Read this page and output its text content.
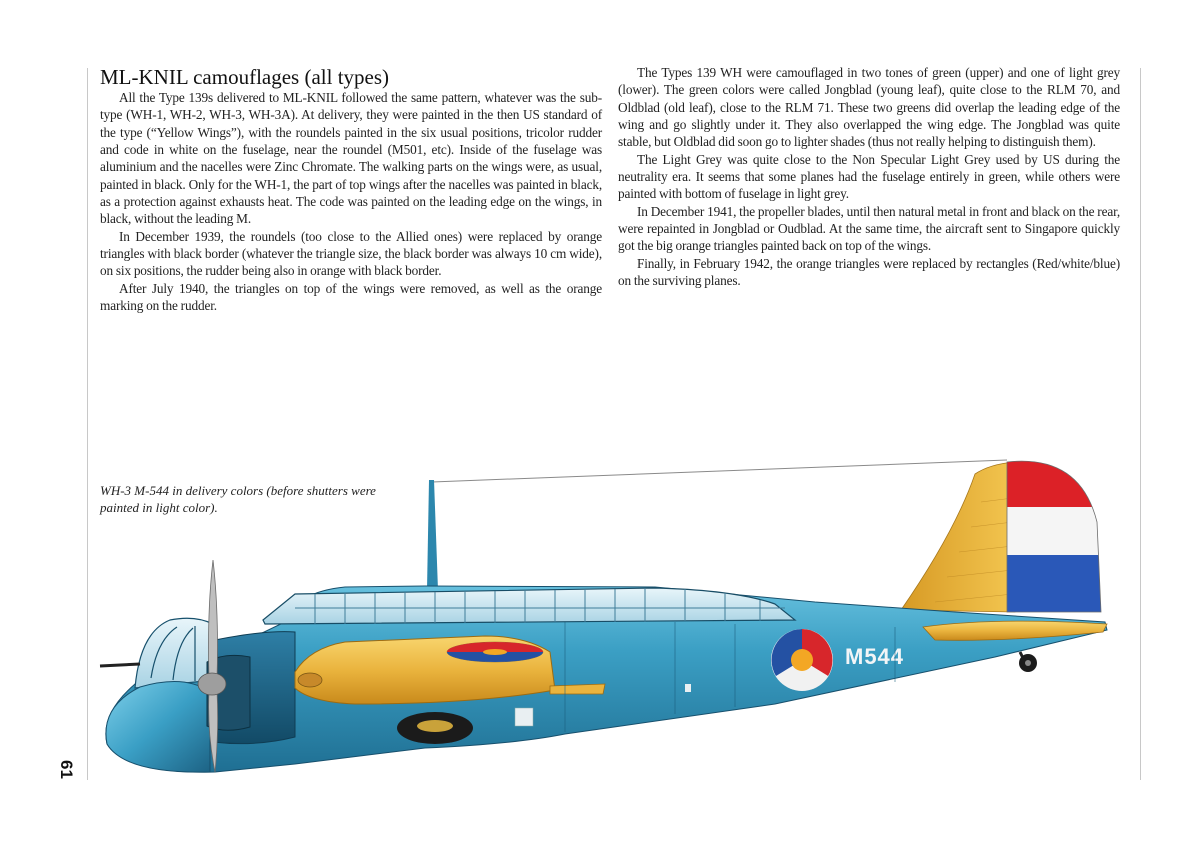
ML-KNIL camouflages (all types)

All the Type 139s delivered to ML-KNIL followed the same pattern, whatever was the sub-type (WH-1, WH-2, WH-3, WH-3A). At delivery, they were painted in the then US standard of the type (“Yellow Wings”), with the roundels painted in the six usual positions, tricolor rudder and code in white on the fuselage, near the roundel (M501, etc). Inside of the fuselage was aluminium and the nacelles were Zinc Chromate. The walking parts on the wings were, as usual, painted in black. Only for the WH-1, the part of top wings after the nacelles was painted in black, as a protection against exhausts heat. The code was painted on the leading edge on the wings, in black, without the leading M.

In December 1939, the roundels (too close to the Allied ones) were replaced by orange triangles with black border (whatever the triangle size, the black border was always 10 cm wide), on six positions, the rudder being also in orange with black border.

After July 1940, the triangles on top of the wings were removed, as well as the orange marking on the rudder.

The Types 139 WH were camouflaged in two tones of green (upper) and one of light grey (lower). The green colors were called Jongblad (young leaf), quite close to the RLM 70, and Oldblad (old leaf), close to the RLM 71. These two greens did overlap the leading edge of the wing and go slightly under it. They also overlapped the wing edge. The Jongblad was quite stable, but Oldblad did soon go to lighter shades (thus not really helping to distinguish them).

The Light Grey was quite close to the Non Specular Light Grey used by US during the neutrality era. It seems that some planes had the fuselage entirely in green, while others were painted with bottom of fuselage in light grey.

In December 1941, the propeller blades, until then natural metal in front and black on the rear, were repainted in Jongblad or Oudblad. At the same time, the aircraft sent to Singapore quickly got the big orange triangles painted back on top of the wings.

Finally, in February 1942, the orange triangles were replaced by rectangles (Red/white/blue) on the surviving planes.

WH-3 M-544 in delivery colors (before shutters were painted in light color).
M544
61
